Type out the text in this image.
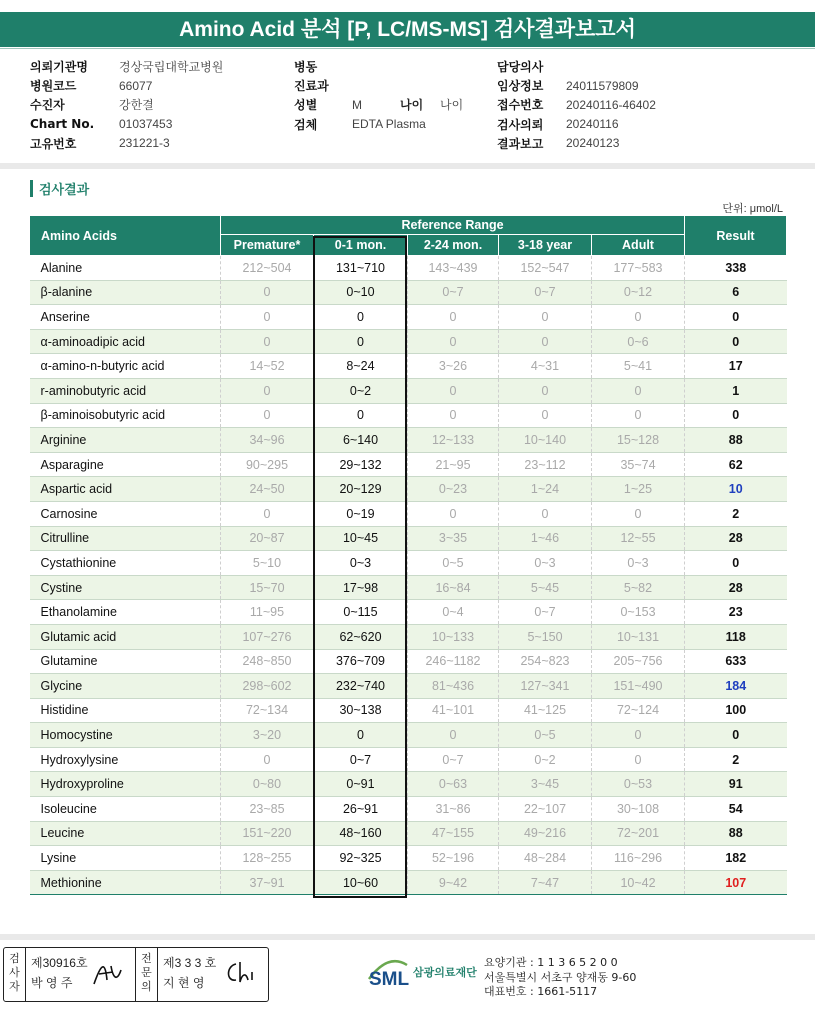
Amino Acid 분석 [P, LC/MS-MS] 검사결과보고서
의뢰기관명	경상국립대학교병원
병원코드	66077
수진자	강한결
Chart No.	01037453
고유번호	231221-3
병동
진료과
성별	M	나이	나이
검체	EDTA Plasma
담당의사
임상정보	24011579809
접수번호	20240116-46402
검사의뢰	20240116
결과보고	20240123
검사결과
단위: μmol/L
Amino Acids	Reference Range					Result
	Premature*	0-1 mon.	2-24 mon.	3-18 year	Adult	
Alanine	212~504	131~710	143~439	152~547	177~583	338
β-alanine	0	0~10	0~7	0~7	0~12	6
Anserine	0	0	0	0	0	0
α-aminoadipic acid	0	0	0	0	0~6	0
α-amino-n-butyric acid	14~52	8~24	3~26	4~31	5~41	17
r-aminobutyric acid	0	0~2	0	0	0	1
β-aminoisobutyric acid	0	0	0	0	0	0
Arginine	34~96	6~140	12~133	10~140	15~128	88
Asparagine	90~295	29~132	21~95	23~112	35~74	62
Aspartic acid	24~50	20~129	0~23	1~24	1~25	10
Carnosine	0	0~19	0	0	0	2
Citrulline	20~87	10~45	3~35	1~46	12~55	28
Cystathionine	5~10	0~3	0~5	0~3	0~3	0
Cystine	15~70	17~98	16~84	5~45	5~82	28
Ethanolamine	11~95	0~115	0~4	0~7	0~153	23
Glutamic acid	107~276	62~620	10~133	5~150	10~131	118
Glutamine	248~850	376~709	246~1182	254~823	205~756	633
Glycine	298~602	232~740	81~436	127~341	151~490	184
Histidine	72~134	30~138	41~101	41~125	72~124	100
Homocystine	3~20	0	0	0~5	0	0
Hydroxylysine	0	0~7	0~7	0~2	0	2
Hydroxyproline	0~80	0~91	0~63	3~45	0~53	91
Isoleucine	23~85	26~91	31~86	22~107	30~108	54
Leucine	151~220	48~160	47~155	49~216	72~201	88
Lysine	128~255	92~325	52~196	48~284	116~296	182
Methionine	37~91	10~60	9~42	7~47	10~42	107
검사자
제30916호
박 영 주
전문의
제3 3 3 호
지 현 영	SML 삼광의료재단
요양기관 : 1 1 3 6 5 2 0 0
서울특별시 서초구 양재동 9-60
대표번호 : 1661-5117
